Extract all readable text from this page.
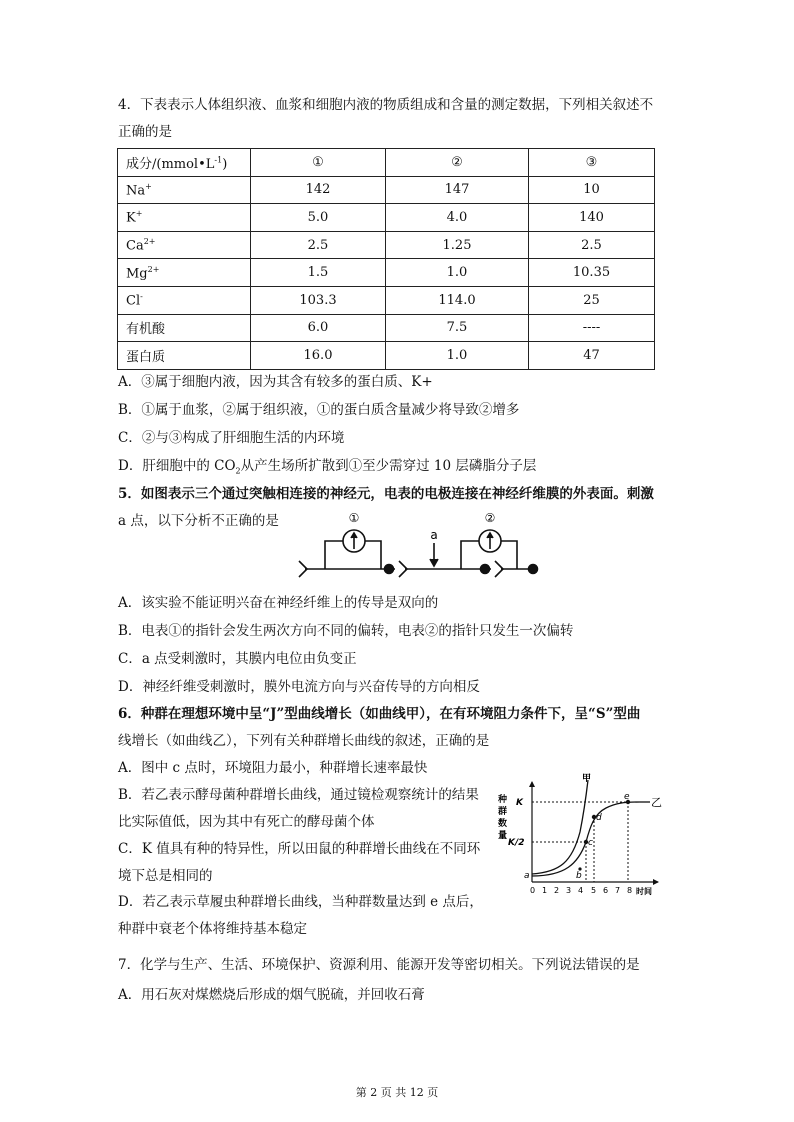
4．下表表示人体组织液、血浆和细胞内液的物质组成和含量的测定数据，下列相关叙述不
正确的是
成分$/(mmol•L^{-1})$	①	②	③
Na+	142	147	10
K+	5.0	4.0	140
$Ca^{2+}$	2.5	1.25	2.5
$Mg^{2+}$	1.5	1.0	10.35
Cl-	103.3	114.0	25
有机酸	6.0	7.5	----
蛋白质	16.0	1.0	47
A．③属于细胞内液，因为其含有较多的蛋白质、K+
B．①属于血浆，②属于组织液，①的蛋白质含量减少将导致②增多
C．②与③构成了肝细胞生活的内环境
D．肝细胞中的 $CO_2$从产生场所扩散到①至少需穿过 10 层磷脂分子层
5．如图表示三个通过突触相连接的神经元，电表的电极连接在神经纤维膜的外表面。刺激
a 点，以下分析不正确的是	①	②
a
A．该实验不能证明兴奋在神经纤维上的传导是双向的
B．电表①的指针会发生两次方向不同的偏转，电表②的指针只发生一次偏转
C．a 点受刺激时，其膜内电位由负变正
D．神经纤维受刺激时，膜外电流方向与兴奋传导的方向相反
6．种群在理想环境中呈“J”型曲线增长（如曲线甲），在有环境阻力条件下，呈“S”型曲
线增长（如曲线乙），下列有关种群增长曲线的叙述，正确的是
A．图中 c 点时，环境阻力最小，种群增长速率最快
B．若乙表示酵母菌种群增长曲线，通过镜检观察统计的结果
比实际值低，因为其中有死亡的酵母菌个体
C．K 值具有种的特异性，所以田鼠的种群增长曲线在不同环
境下总是相同的
D．若乙表示草履虫种群增长曲线，当种群数量达到 e 点后，
种群中衰老个体将维持基本稳定
种
群
数
量
K
K/2
甲
乙
a	b
c
d
e
0 1 2 3 4 5 6 7 8 时间
7．化学与生产、生活、环境保护、资源利用、能源开发等密切相关。下列说法错误的是
A．用石灰对煤燃烧后形成的烟气脱硫，并回收石膏
第 2 页 共 12 页
